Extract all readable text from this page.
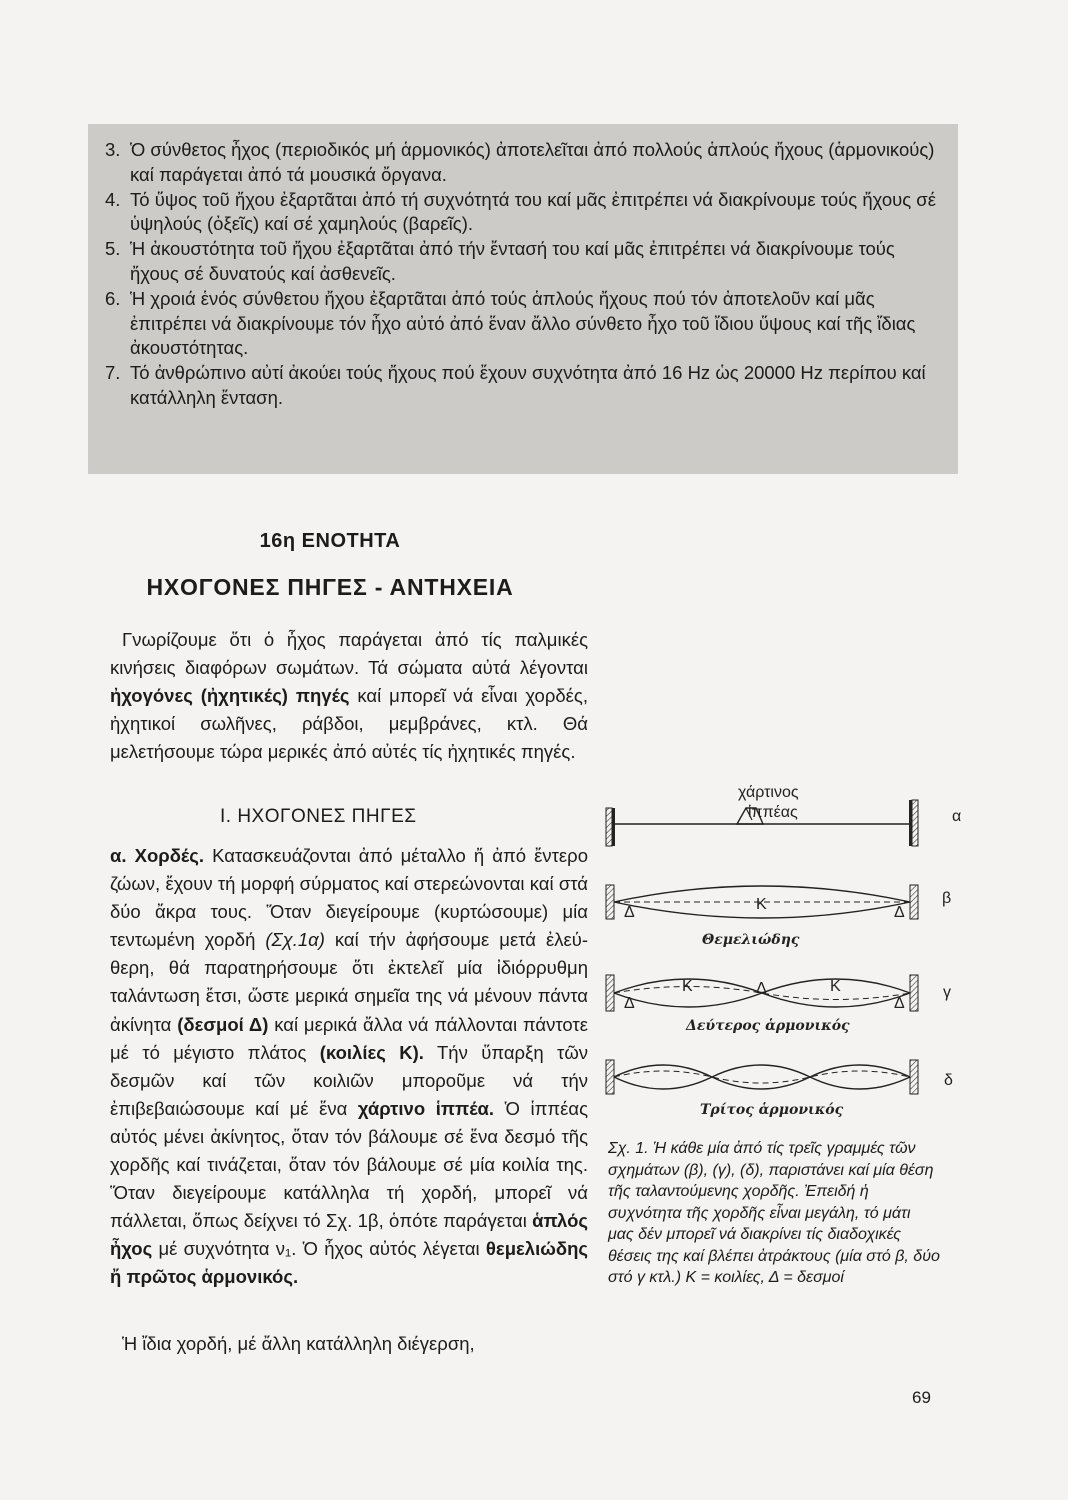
3. Ὁ σύνθετος ἦχος (περιοδικός μή ἁρμονικός) ἀποτελεῖται ἀπό πολλούς ἁπλούς ἤχους (ἁρμονικούς) καί παράγεται ἀπό τά μουσικά ὄργανα.
4. Τό ὕψος τοῦ ἤχου ἐξαρτᾶται ἀπό τή συχνότητά του καί μᾶς ἐπιτρέπει νά διακρίνουμε τούς ἤχους σέ ὑψηλούς (ὀξεῖς) καί σέ χαμηλούς (βαρεῖς).
5. Ἡ ἀκουστότητα τοῦ ἤχου ἐξαρτᾶται ἀπό τήν ἔντασή του καί μᾶς ἐπιτρέπει νά διακρίνουμε τούς ἤχους σέ δυνατούς καί ἀσθενεῖς.
6. Ἡ χροιά ἑνός σύνθετου ἤχου ἐξαρτᾶται ἀπό τούς ἁπλούς ἤχους πού τόν ἀποτελοῦν καί μᾶς ἐπιτρέπει νά διακρίνουμε τόν ἦχο αὐτό ἀπό ἕναν ἄλλο σύνθετο ἦχο τοῦ ἴδιου ὕψους καί τῆς ἴδιας ἀκουστότητας.
7. Τό ἀνθρώπινο αὐτί ἀκούει τούς ἤχους πού ἔχουν συχνότητα ἀπό 16 Hz ὡς 20000 Hz περίπου καί κατάλληλη ἔνταση.
16η ΕΝΟΤΗΤΑ
ΗΧΟΓΟΝΕΣ ΠΗΓΕΣ - ΑΝΤΗΧΕΙΑ

Γνωρίζουμε ὅτι ὁ ἦχος παράγεται ἀπό τίς παλμικές κινήσεις διαφόρων σωμάτων. Τά σώματα αὐτά λέγονται ἠχογόνες (ἠχητικές) πηγές καί μπορεῖ νά εἶναι χορδές, ἠχητικοί σωλῆνες, ράβδοι, μεμβράνες, κτλ. Θά μελετήσουμε τώρα μερικές ἀπό αὐτές τίς ἠχητικές πηγές.

Ι. ΗΧΟΓΟΝΕΣ ΠΗΓΕΣ

α. Χορδές. Κατασκευάζονται ἀπό μέταλλο ἤ ἀπό ἔντερο ζώων, ἔχουν τή μορφή σύρματος καί στερεώνονται καί στά δύο ἄκρα τους. Ὅταν διεγείρουμε (κυρτώσουμε) μία τεντωμένη χορδή (Σχ.1α) καί τήν ἀφήσουμε μετά ἐλεύθερη, θά παρατηρήσουμε ὅτι ἐκτελεῖ μία ἰδιόρρυθμη ταλάντωση ἔτσι, ὥστε μερικά σημεῖα της νά μένουν πάντα ἀκίνητα (δεσμοί Δ) καί μερικά ἄλλα νά πάλλονται πάντοτε μέ τό μέγιστο πλάτος (κοιλίες Κ). Τήν ὕπαρξη τῶν δεσμῶν καί τῶν κοιλιῶν μποροῦμε νά τήν ἐπιβεβαιώσουμε καί μέ ἕνα χάρτινο ἱππέα. Ὁ ἱππέας αὐτός μένει ἀκίνητος, ὅταν τόν βάλουμε σέ ἕνα δεσμό τῆς χορδῆς καί τινάζεται, ὅταν τόν βάλουμε σέ μία κοιλία της. Ὅταν διεγείρουμε κατάλληλα τή χορδή, μπορεῖ νά πάλλεται, ὅπως δείχνει τό Σχ. 1β, ὁπότε παράγεται ἁπλός ἦχος μέ συχνότητα ν₁. Ὁ ἦχος αὐτός λέγεται θεμελιώδης ἤ πρῶτος ἁρμονικός.

Ἡ ἴδια χορδή, μέ ἄλλη κατάλληλη διέγερση,

χάρτινος
ἱππέας	α
β
γ
δ
Δ	Κ	Δ
Θεμελιώδης
Δ
Κ	Δ	Κ
Δ
Δεύτερος ἁρμονικός
Τρίτος ἁρμονικός

Σχ. 1. Ἡ κάθε μία ἀπό τίς τρεῖς γραμμές τῶν σχημάτων (β), (γ), (δ), παριστάνει καί μία θέση τῆς ταλαντούμενης χορδῆς. Ἐπειδή ἡ συχνότητα τῆς χορδῆς εἶναι μεγάλη, τό μάτι μας δέν μπορεῖ νά διακρίνει τίς διαδοχικές θέσεις της καί βλέπει ἀτράκτους (μία στό β, δύο στό γ κτλ.) Κ = κοιλίες, Δ = δεσμοί

69
